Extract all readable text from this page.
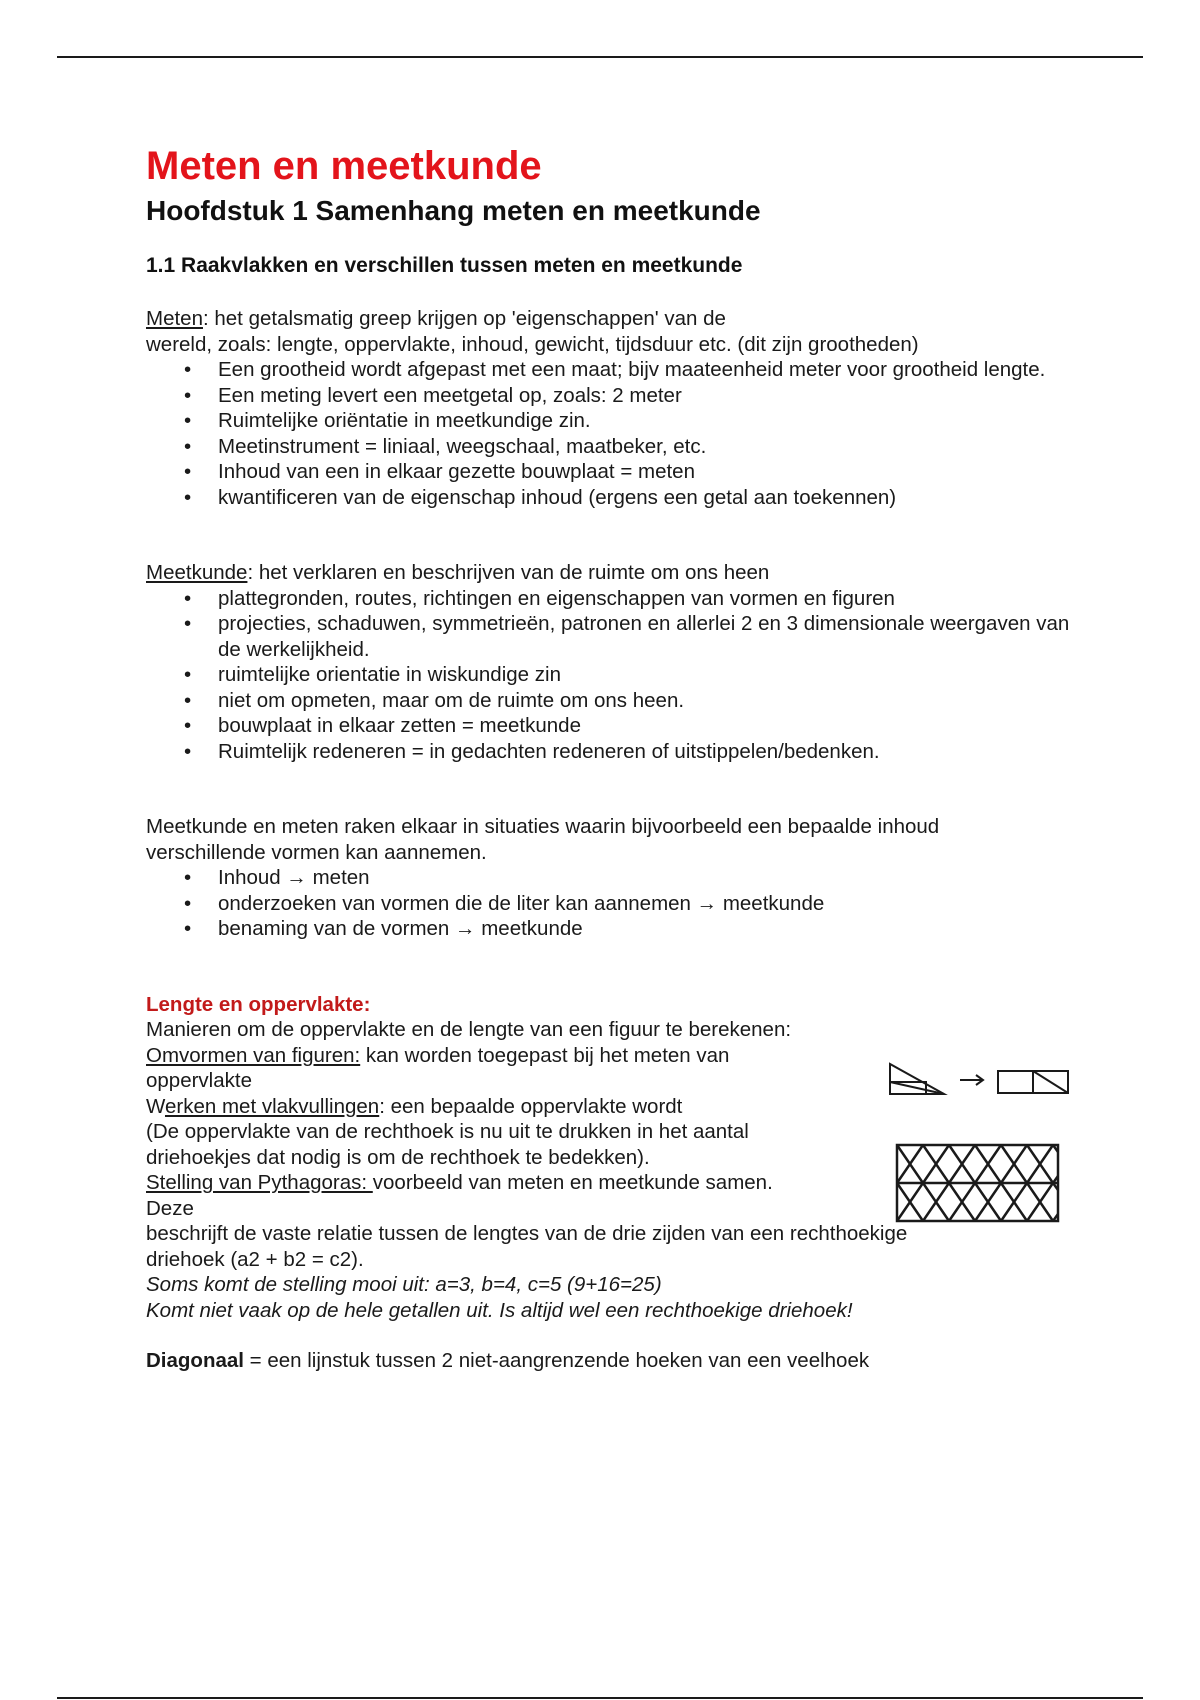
Meten en meetkunde
Hoofdstuk 1 Samenhang meten en meetkunde
1.1 Raakvlakken en verschillen tussen meten en meetkunde

Meten: het getalsmatig greep krijgen op 'eigenschappen' van de

wereld, zoals: lengte, oppervlakte, inhoud, gewicht, tijdsduur etc. (dit zijn grootheden)

• Een grootheid wordt afgepast met een maat; bijv maateenheid meter voor grootheid lengte.
• Een meting levert een meetgetal op, zoals: 2 meter
• Ruimtelijke oriëntatie in meetkundige zin.
• Meetinstrument = liniaal, weegschaal, maatbeker, etc.
• Inhoud van een in elkaar gezette bouwplaat = meten
• kwantificeren van de eigenschap inhoud (ergens een getal aan toekennen)

Meetkunde: het verklaren en beschrijven van de ruimte om ons heen

• plattegronden, routes, richtingen en eigenschappen van vormen en figuren
• projecties, schaduwen, symmetrieën, patronen en allerlei 2 en 3 dimensionale weergaven van de werkelijkheid.
• ruimtelijke orientatie in wiskundige zin
• niet om opmeten, maar om de ruimte om ons heen.
• bouwplaat in elkaar zetten = meetkunde
• Ruimtelijk redeneren = in gedachten redeneren of uitstippelen/bedenken.

Meetkunde en meten raken elkaar in situaties waarin bijvoorbeeld een bepaalde inhoud

verschillende vormen kan aannemen.

• Inhoud → meten
• onderzoeken van vormen die de liter kan aannemen → meetkunde
• benaming van de vormen → meetkunde

Lengte en oppervlakte:

Manieren om de oppervlakte en de lengte van een figuur te berekenen:

Omvormen van figuren: kan worden toegepast bij het meten van

oppervlakte

Werken met vlakvullingen: een bepaalde oppervlakte wordt

(De oppervlakte van de rechthoek is nu uit te drukken in het aantal

driehoekjes dat nodig is om de rechthoek te bedekken).

Stelling van Pythagoras: voorbeeld van meten en meetkunde samen.

Deze

beschrijft de vaste relatie tussen de lengtes van de drie zijden van een rechthoekige

driehoek (a2 + b2 = c2).

Soms komt de stelling mooi uit: a=3, b=4, c=5 (9+16=25)

Komt niet vaak op de hele getallen uit. Is altijd wel een rechthoekige driehoek!

Diagonaal = een lijnstuk tussen 2 niet-aangrenzende hoeken van een veelhoek
